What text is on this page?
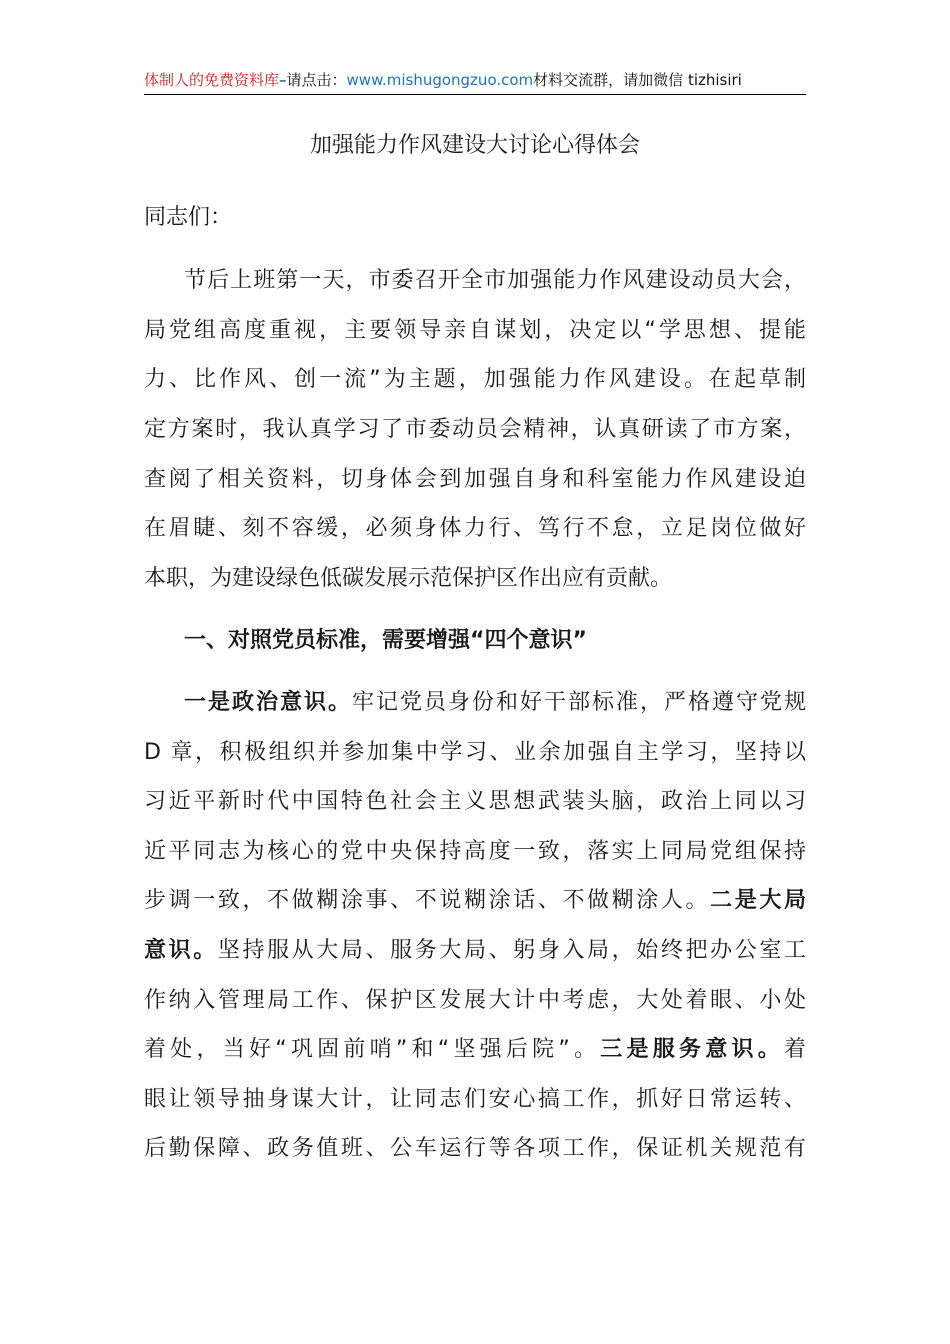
体制人的免费资料库–请点击：www.mishugongzuo.com材料交流群，请加微信 tizhisiri
加强能力作风建设大讨论心得体会
同志们：
节后上班第一天，市委召开全市加强能力作风建设动员大会，
局党组高度重视，主要领导亲自谋划，决定以“学思想、提能
力、比作风、创一流”为主题，加强能力作风建设。在起草制
定方案时，我认真学习了市委动员会精神，认真研读了市方案，
查阅了相关资料，切身体会到加强自身和科室能力作风建设迫
在眉睫、刻不容缓，必须身体力行、笃行不怠，立足岗位做好
本职，为建设绿色低碳发展示范保护区作出应有贡献。
一、对照党员标准，需要增强“四个意识”
一是政治意识。牢记党员身份和好干部标准，严格遵守党规
D 章，积极组织并参加集中学习、业余加强自主学习，坚持以
习近平新时代中国特色社会主义思想武装头脑，政治上同以习
近平同志为核心的党中央保持高度一致，落实上同局党组保持
步调一致，不做糊涂事、不说糊涂话、不做糊涂人。二是大局
意识。坚持服从大局、服务大局、躬身入局，始终把办公室工
作纳入管理局工作、保护区发展大计中考虑，大处着眼、小处
着处，当好“巩固前哨”和“坚强后院”。三是服务意识。着
眼让领导抽身谋大计，让同志们安心搞工作，抓好日常运转、
后勤保障、政务值班、公车运行等各项工作，保证机关规范有
